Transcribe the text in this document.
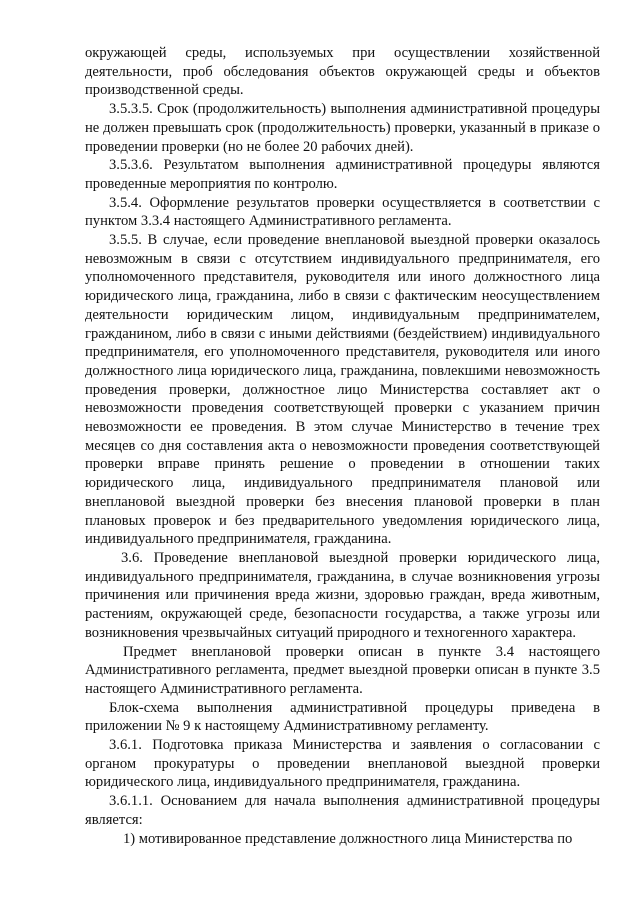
окружающей среды, используемых при осуществлении хозяйственной деятельности, проб обследования объектов окружающей среды и объектов производственной среды.

3.5.3.5. Срок (продолжительность) выполнения административной процедуры не должен превышать срок (продолжительность) проверки, указанный в приказе о проведении проверки (но не более 20 рабочих дней).

3.5.3.6. Результатом выполнения административной процедуры являются проведенные мероприятия по контролю.

3.5.4. Оформление результатов проверки осуществляется в соответствии с пунктом 3.3.4 настоящего Административного регламента.

3.5.5. В случае, если проведение внеплановой выездной проверки оказалось невозможным в связи с отсутствием индивидуального предпринимателя, его уполномоченного представителя, руководителя или иного должностного лица юридического лица, гражданина, либо в связи с фактическим неосуществлением деятельности юридическим лицом, индивидуальным предпринимателем, гражданином, либо в связи с иными действиями (бездействием) индивидуального предпринимателя, его уполномоченного представителя, руководителя или иного должностного лица юридического лица, гражданина, повлекшими невозможность проведения проверки, должностное лицо Министерства составляет акт о невозможности проведения соответствующей проверки с указанием причин невозможности ее проведения. В этом случае Министерство в течение трех месяцев со дня составления акта о невозможности проведения соответствующей проверки вправе принять решение о проведении в отношении таких юридического лица, индивидуального предпринимателя плановой или внеплановой выездной проверки без внесения плановой проверки в план плановых проверок и без предварительного уведомления юридического лица, индивидуального предпринимателя, гражданина.

3.6. Проведение внеплановой выездной проверки юридического лица, индивидуального предпринимателя, гражданина, в случае возникновения угрозы причинения или причинения вреда жизни, здоровью граждан, вреда животным, растениям, окружающей среде, безопасности государства, а также угрозы или возникновения чрезвычайных ситуаций природного и техногенного характера.

Предмет внеплановой проверки описан в пункте 3.4 настоящего Административного регламента, предмет выездной проверки описан в пункте 3.5 настоящего Административного регламента.

Блок-схема выполнения административной процедуры приведена в приложении № 9 к настоящему Административному регламенту.

3.6.1. Подготовка приказа Министерства и заявления о согласовании с органом прокуратуры о проведении внеплановой выездной проверки юридического лица, индивидуального предпринимателя, гражданина.

3.6.1.1. Основанием для начала выполнения административной процедуры является:

1) мотивированное представление должностного лица Министерства по
